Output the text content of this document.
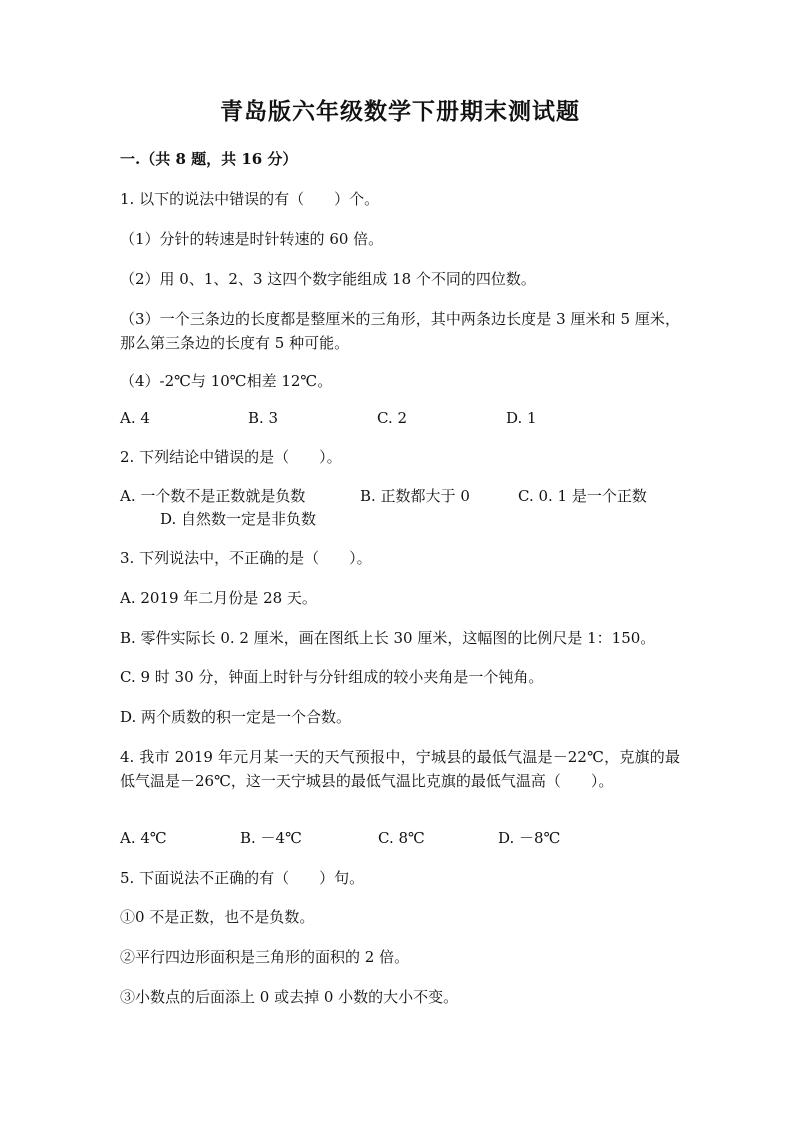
青岛版六年级数学下册期末测试题
一.（共 8 题，共 16 分）
1. 以下的说法中错误的有（　　）个。
（1）分针的转速是时针转速的 60 倍。
（2）用 0、1、2、3 这四个数字能组成 18 个不同的四位数。
（3）一个三条边的长度都是整厘米的三角形，其中两条边长度是 3 厘米和 5 厘米，那么第三条边的长度有 5 种可能。
（4）-2℃与 10℃相差 12℃。
A. 4	B. 3	C. 2	D. 1
2. 下列结论中错误的是（　　）。
A. 一个数不是正数就是负数	B. 正数都大于 0	C. 0. 1 是一个正数
D. 自然数一定是非负数
3. 下列说法中，不正确的是（　　）。
A. 2019 年二月份是 28 天。
B. 零件实际长 0. 2 厘米，画在图纸上长 30 厘米，这幅图的比例尺是 1：150。
C. 9 时 30 分，钟面上时针与分针组成的较小夹角是一个钝角。
D. 两个质数的积一定是一个合数。
4. 我市 2019 年元月某一天的天气预报中，宁城县的最低气温是－22℃，克旗的最低气温是－26℃，这一天宁城县的最低气温比克旗的最低气温高（　　）。
A. 4℃	B. －4℃	C. 8℃	D. －8℃
5. 下面说法不正确的有（　　）句。
①0 不是正数，也不是负数。
②平行四边形面积是三角形的面积的 2 倍。
③小数点的后面添上 0 或去掉 0 小数的大小不变。
